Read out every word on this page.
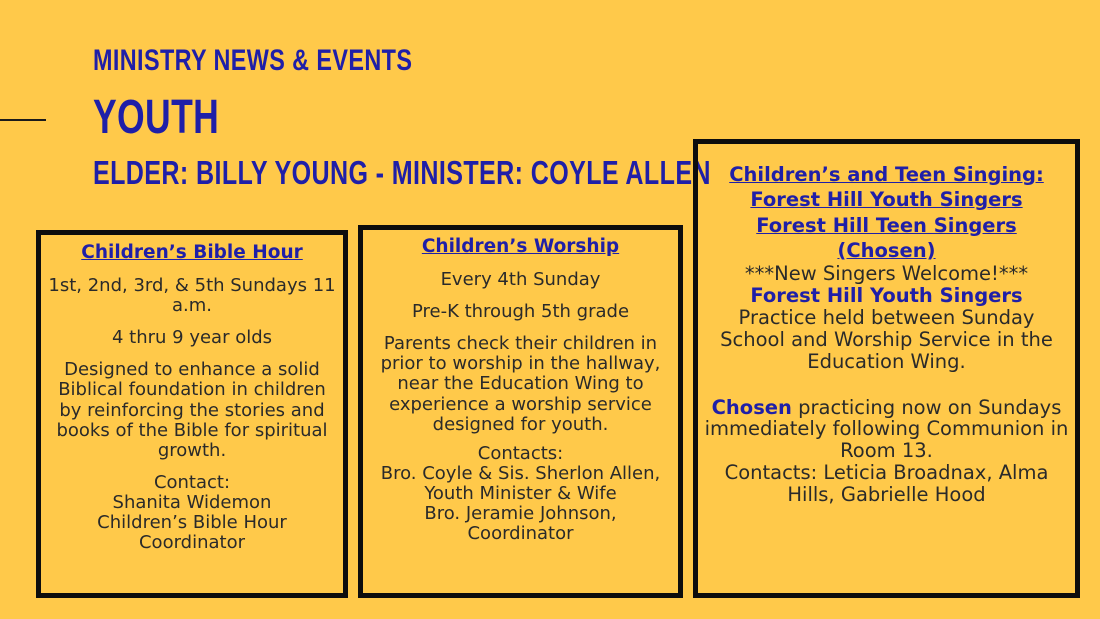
MINISTRY NEWS & EVENTS
YOUTH
ELDER: BILLY YOUNG - MINISTER: COYLE ALLEN

Children’s Bible Hour

1st, 2nd, 3rd, & 5th Sundays 11 a.m.

4 thru 9 year olds

Designed to enhance a solid Biblical foundation in children by reinforcing the stories and books of the Bible for spiritual growth.

Contact:

Shanita Widemon

Children’s Bible Hour Coordinator

Children’s Worship

Every 4th Sunday

Pre-K through 5th grade

Parents check their children in prior to worship in the hallway, near the Education Wing to experience a worship service designed for youth.

Contacts:

Bro. Coyle & Sis. Sherlon Allen, Youth Minister & Wife

Bro. Jeramie Johnson, Coordinator

Children’s and Teen Singing:

Forest Hill Youth Singers

Forest Hill Teen Singers

(Chosen)

***New Singers Welcome!***

Forest Hill Youth Singers

Practice held between Sunday School and Worship Service in the Education Wing.

Chosen practicing now on Sundays immediately following Communion in Room 13.

Contacts: Leticia Broadnax, Alma Hills, Gabrielle Hood
